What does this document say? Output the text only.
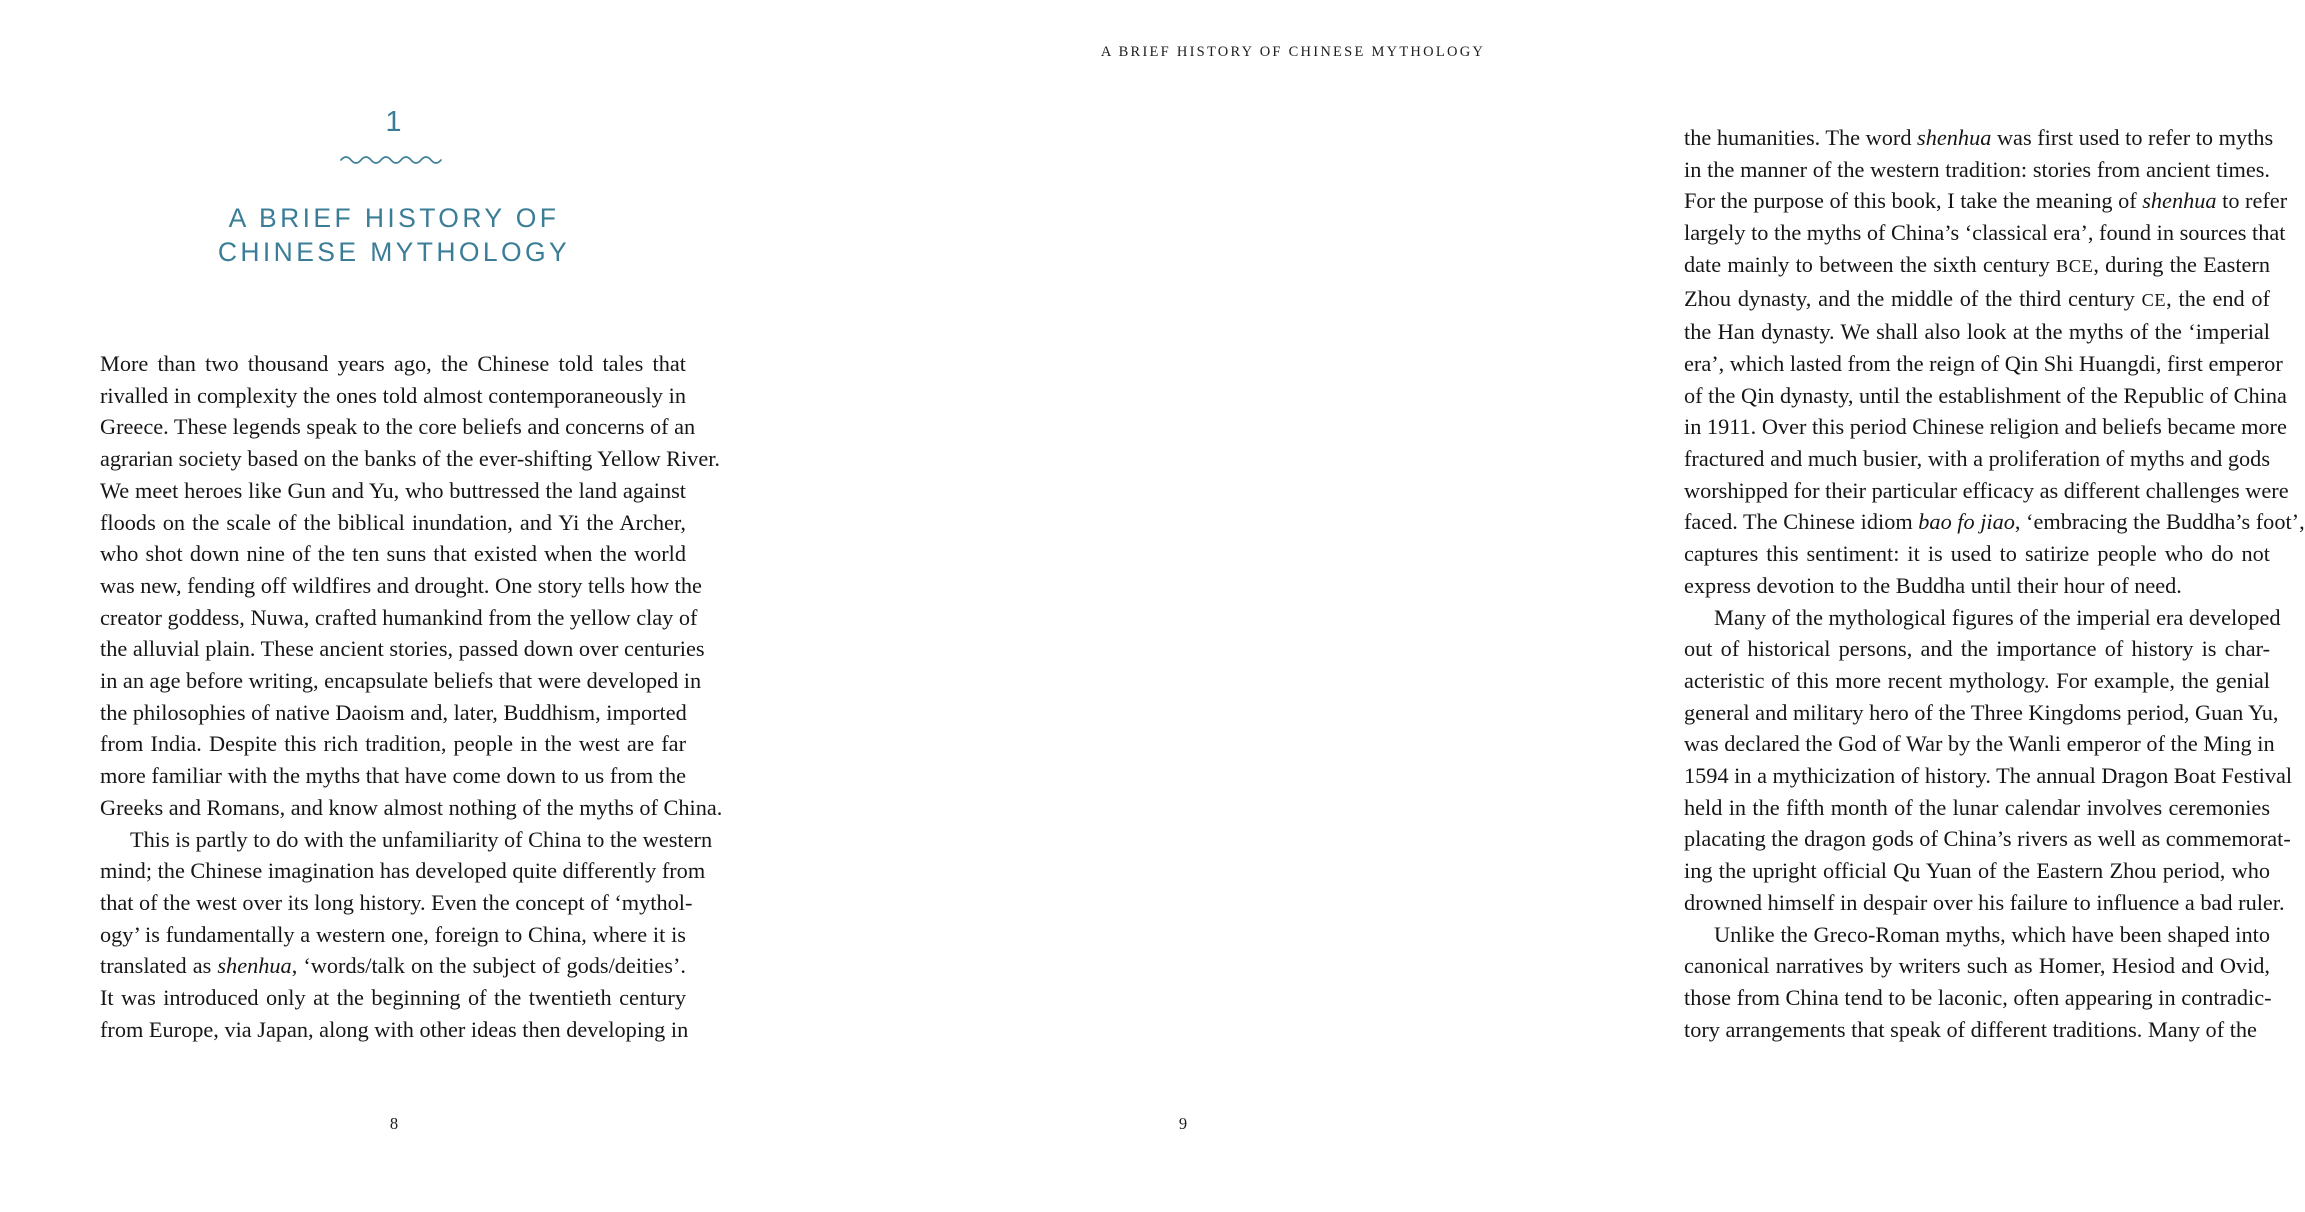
1
A BRIEF HISTORY OF
CHINESE MYTHOLOGY

More than two thousand years ago, the Chinese told tales that
rivalled in complexity the ones told almost contemporaneously in
Greece. These legends speak to the core beliefs and concerns of an
agrarian society based on the banks of the ever-shifting Yellow River.
We meet heroes like Gun and Yu, who buttressed the land against
floods on the scale of the biblical inundation, and Yi the Archer,
who shot down nine of the ten suns that existed when the world
was new, fending off wildfires and drought. One story tells how the
creator goddess, Nuwa, crafted humankind from the yellow clay of
the alluvial plain. These ancient stories, passed down over centuries
in an age before writing, encapsulate beliefs that were developed in
the philosophies of native Daoism and, later, Buddhism, imported
from India. Despite this rich tradition, people in the west are far
more familiar with the myths that have come down to us from the
Greeks and Romans, and know almost nothing of the myths of China.

This is partly to do with the unfamiliarity of China to the western
mind; the Chinese imagination has developed quite differently from
that of the west over its long history. Even the concept of ‘mythol-
ogy’ is fundamentally a western one, foreign to China, where it is
translated as shenhua, ‘words/talk on the subject of gods/deities’.
It was introduced only at the beginning of the twentieth century
from Europe, via Japan, along with other ideas then developing in

8
A BRIEF HISTORY OF CHINESE MYTHOLOGY

the humanities. The word shenhua was first used to refer to myths
in the manner of the western tradition: stories from ancient times.
For the purpose of this book, I take the meaning of shenhua to refer
largely to the myths of China’s ‘classical era’, found in sources that
date mainly to between the sixth century BCE, during the Eastern
Zhou dynasty, and the middle of the third century CE, the end of
the Han dynasty. We shall also look at the myths of the ‘imperial
era’, which lasted from the reign of Qin Shi Huangdi, first emperor
of the Qin dynasty, until the establishment of the Republic of China
in 1911. Over this period Chinese religion and beliefs became more
fractured and much busier, with a proliferation of myths and gods
worshipped for their particular efficacy as different challenges were
faced. The Chinese idiom bao fo jiao, ‘embracing the Buddha’s foot’,
captures this sentiment: it is used to satirize people who do not
express devotion to the Buddha until their hour of need.

Many of the mythological figures of the imperial era developed
out of historical persons, and the importance of history is char-
acteristic of this more recent mythology. For example, the genial
general and military hero of the Three Kingdoms period, Guan Yu,
was declared the God of War by the Wanli emperor of the Ming in
1594 in a mythicization of history. The annual Dragon Boat Festival
held in the fifth month of the lunar calendar involves ceremonies
placating the dragon gods of China’s rivers as well as commemorat-
ing the upright official Qu Yuan of the Eastern Zhou period, who
drowned himself in despair over his failure to influence a bad ruler.

Unlike the Greco-Roman myths, which have been shaped into
canonical narratives by writers such as Homer, Hesiod and Ovid,
those from China tend to be laconic, often appearing in contradic-
tory arrangements that speak of different traditions. Many of the

9
